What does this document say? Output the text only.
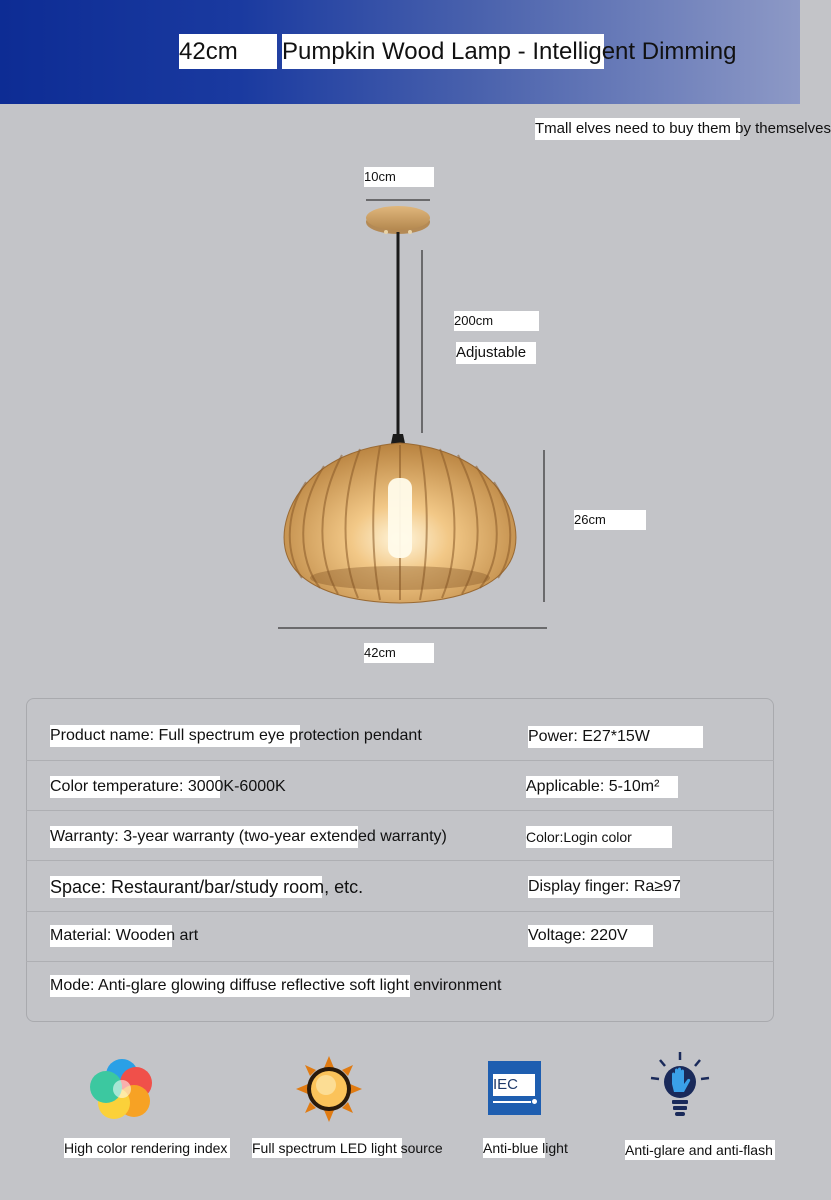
42cm	Pumpkin Wood Lamp - Intelligent Dimming
Tmall elves need to buy them by themselves
10cm
200cm
Adjustable
26cm
42cm
Product name: Full spectrum eye protection pendant	Power: E27*15W
Color temperature: 3000K-6000K	Applicable: 5-10m²
Warranty: 3-year warranty (two-year extended warranty)	Color:Login color
Space: Restaurant/bar/study room, etc.	Display finger: Ra≥97
Material: Wooden art	Voltage: 220V
Mode: Anti-glare glowing diffuse reflective soft light environment
IEC
High color rendering index Full spectrum LED light source	Anti-blue light	Anti-glare and anti-flash
